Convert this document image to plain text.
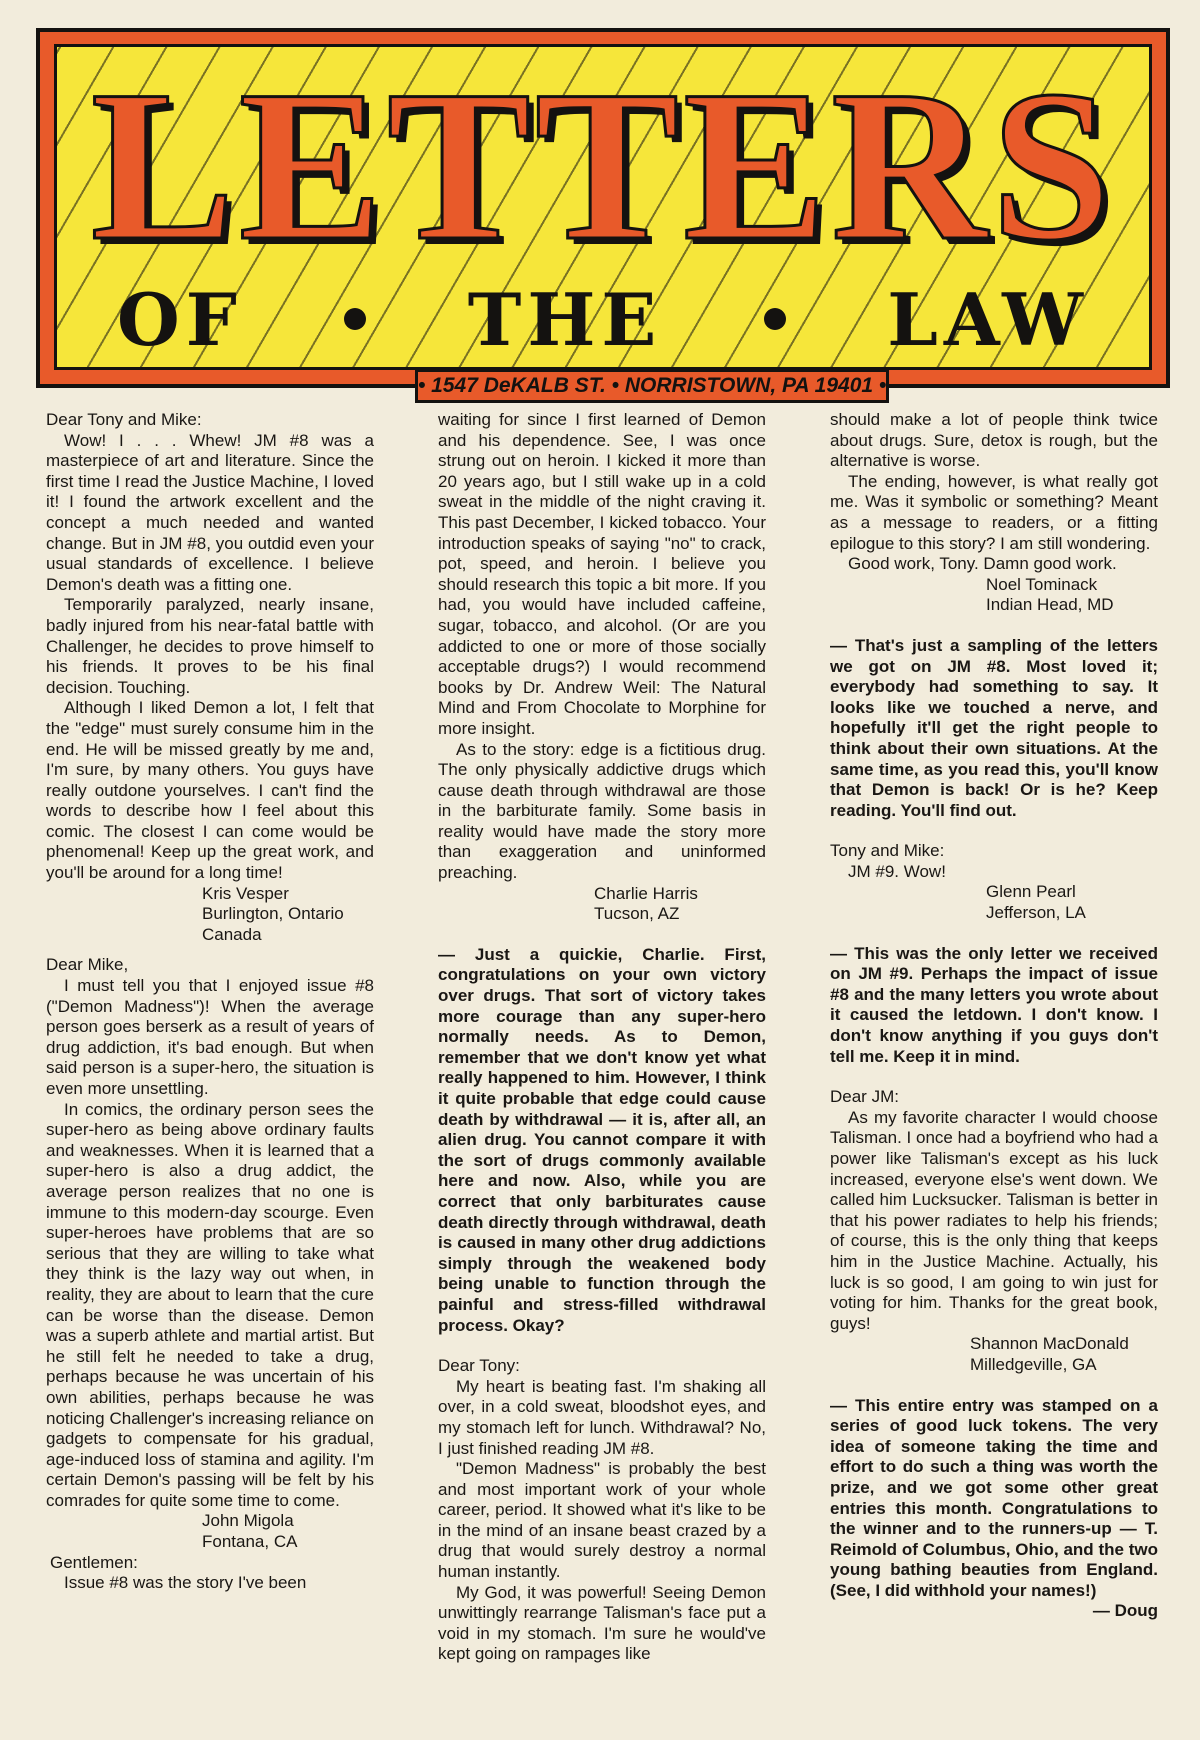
LETTERS
OF	THE	LAW
• 1547 DeKALB ST. • NORRISTOWN, PA 19401 •

Dear Tony and Mike:

Wow! I . . . Whew! JM #8 was a masterpiece of art and literature. Since the first time I read the Justice Machine, I loved it! I found the artwork excellent and the concept a much needed and wanted change. But in JM #8, you outdid even your usual standards of excellence. I believe Demon's death was a fitting one.

Temporarily paralyzed, nearly insane, badly injured from his near-fatal battle with Challenger, he decides to prove himself to his friends. It proves to be his final decision. Touching.

Although I liked Demon a lot, I felt that the "edge" must surely consume him in the end. He will be missed greatly by me and, I'm sure, by many others. You guys have really outdone yourselves. I can't find the words to describe how I feel about this comic. The closest I can come would be phenomenal! Keep up the great work, and you'll be around for a long time!

Kris Vesper

Burlington, Ontario

Canada

Dear Mike,

I must tell you that I enjoyed issue #8 ("Demon Madness")! When the average person goes berserk as a result of years of drug addiction, it's bad enough. But when said person is a super-hero, the situation is even more unsettling.

In comics, the ordinary person sees the super-hero as being above ordinary faults and weaknesses. When it is learned that a super-hero is also a drug addict, the average person realizes that no one is immune to this modern-day scourge. Even super-heroes have problems that are so serious that they are willing to take what they think is the lazy way out when, in reality, they are about to learn that the cure can be worse than the disease. Demon was a superb athlete and martial artist. But he still felt he needed to take a drug, perhaps because he was uncertain of his own abilities, perhaps because he was noticing Challenger's increasing reliance on gadgets to compensate for his gradual, age-induced loss of stamina and agility. I'm certain Demon's passing will be felt by his comrades for quite some time to come.

John Migola

Fontana, CA

Gentlemen:

Issue #8 was the story I've been

waiting for since I first learned of Demon and his dependence. See, I was once strung out on heroin. I kicked it more than 20 years ago, but I still wake up in a cold sweat in the middle of the night craving it. This past December, I kicked tobacco. Your introduction speaks of saying "no" to crack, pot, speed, and heroin. I believe you should research this topic a bit more. If you had, you would have included caffeine, sugar, tobacco, and alcohol. (Or are you addicted to one or more of those socially acceptable drugs?) I would recommend books by Dr. Andrew Weil: The Natural Mind and From Chocolate to Morphine for more insight.

As to the story: edge is a fictitious drug. The only physically addictive drugs which cause death through withdrawal are those in the barbiturate family. Some basis in reality would have made the story more than exaggeration and uninformed preaching.

Charlie Harris

Tucson, AZ

— Just a quickie, Charlie. First, congratulations on your own victory over drugs. That sort of victory takes more courage than any super-hero normally needs. As to Demon, remember that we don't know yet what really happened to him. However, I think it quite probable that edge could cause death by withdrawal — it is, after all, an alien drug. You cannot compare it with the sort of drugs commonly available here and now. Also, while you are correct that only barbiturates cause death directly through withdrawal, death is caused in many other drug addictions simply through the weakened body being unable to function through the painful and stress-filled withdrawal process. Okay?

Dear Tony:

My heart is beating fast. I'm shaking all over, in a cold sweat, bloodshot eyes, and my stomach left for lunch. Withdrawal? No, I just finished reading JM #8.

"Demon Madness" is probably the best and most important work of your whole career, period. It showed what it's like to be in the mind of an insane beast crazed by a drug that would surely destroy a normal human instantly.

My God, it was powerful! Seeing Demon unwittingly rearrange Talisman's face put a void in my stomach. I'm sure he would've kept going on rampages like

should make a lot of people think twice about drugs. Sure, detox is rough, but the alternative is worse.

The ending, however, is what really got me. Was it symbolic or something? Meant as a message to readers, or a fitting epilogue to this story? I am still wondering.

Good work, Tony. Damn good work.

Noel Tominack

Indian Head, MD

— That's just a sampling of the letters we got on JM #8. Most loved it; everybody had something to say. It looks like we touched a nerve, and hopefully it'll get the right people to think about their own situations. At the same time, as you read this, you'll know that Demon is back! Or is he? Keep reading. You'll find out.

Tony and Mike:

JM #9. Wow!

Glenn Pearl

Jefferson, LA

— This was the only letter we received on JM #9. Perhaps the impact of issue #8 and the many letters you wrote about it caused the letdown. I don't know. I don't know anything if you guys don't tell me. Keep it in mind.

Dear JM:

As my favorite character I would choose Talisman. I once had a boyfriend who had a power like Talisman's except as his luck increased, everyone else's went down. We called him Lucksucker. Talisman is better in that his power radiates to help his friends; of course, this is the only thing that keeps him in the Justice Machine. Actually, his luck is so good, I am going to win just for voting for him. Thanks for the great book, guys!

Shannon MacDonald

Milledgeville, GA

— This entire entry was stamped on a series of good luck tokens. The very idea of someone taking the time and effort to do such a thing was worth the prize, and we got some other great entries this month. Congratulations to the winner and to the runners-up — T. Reimold of Columbus, Ohio, and the two young bathing beauties from England. (See, I did withhold your names!)

— Doug
